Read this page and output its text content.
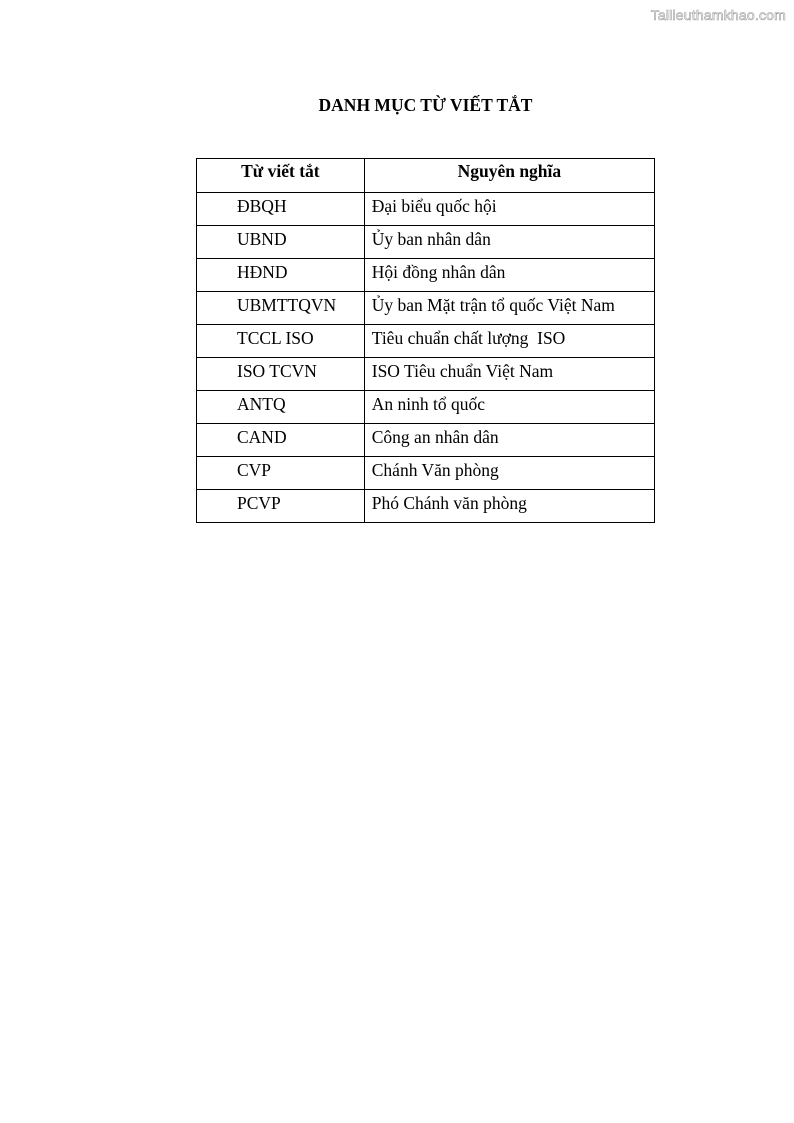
Tailieuthamkhao.com
DANH MỤC TỪ VIẾT TẮT
Từ viết tắt	Nguyên nghĩa
ĐBQH	Đại biểu quốc hội
UBND	Ủy ban nhân dân
HĐND	Hội đồng nhân dân
UBMTTQVN	Ủy ban Mặt trận tổ quốc Việt Nam
TCCL ISO	Tiêu chuẩn chất lượng  ISO
ISO TCVN	ISO Tiêu chuẩn Việt Nam
ANTQ	An ninh tổ quốc
CAND	Công an nhân dân
CVP	Chánh Văn phòng
PCVP	Phó Chánh văn phòng
